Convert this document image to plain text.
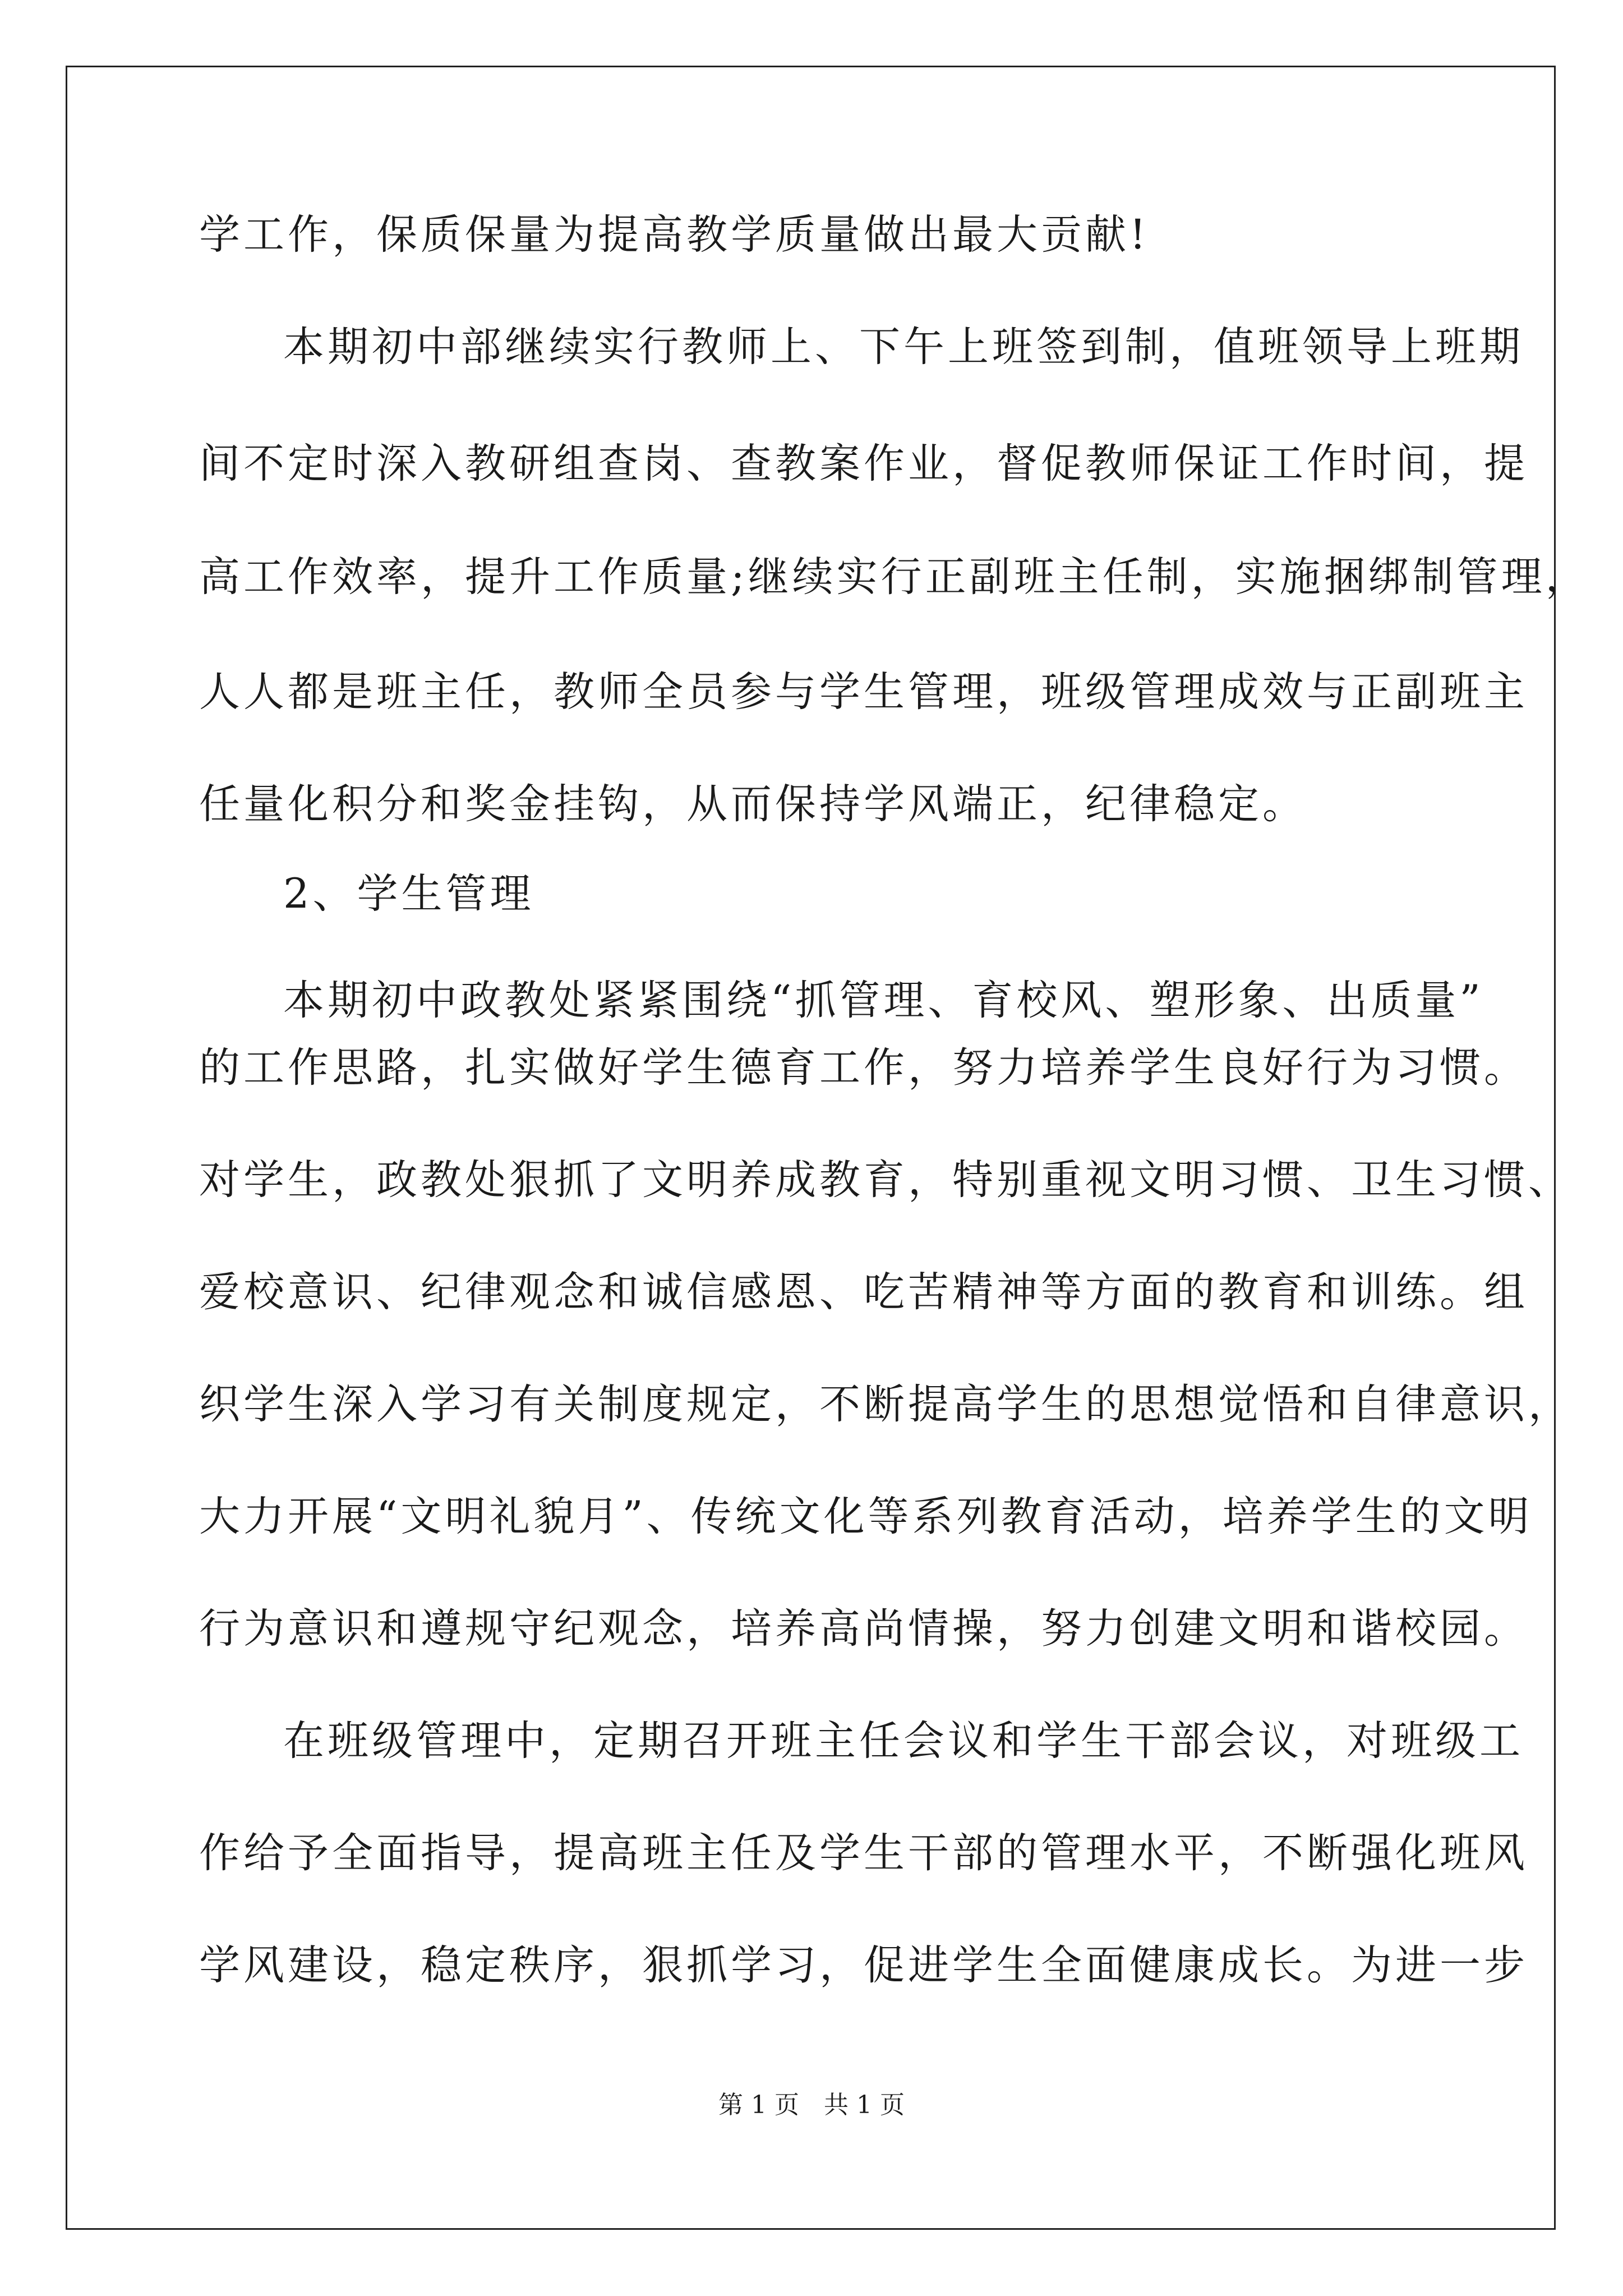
学工作，保质保量为提高教学质量做出最大贡献!
本期初中部继续实行教师上、下午上班签到制，值班领导上班期
间不定时深入教研组查岗、查教案作业，督促教师保证工作时间，提
高工作效率，提升工作质量;继续实行正副班主任制，实施捆绑制管理，
人人都是班主任，教师全员参与学生管理，班级管理成效与正副班主
任量化积分和奖金挂钩，从而保持学风端正，纪律稳定。
2、学生管理
本期初中政教处紧紧围绕“抓管理、育校风、塑形象、出质量”
的工作思路，扎实做好学生德育工作，努力培养学生良好行为习惯。
对学生，政教处狠抓了文明养成教育，特别重视文明习惯、卫生习惯、
爱校意识、纪律观念和诚信感恩、吃苦精神等方面的教育和训练。组
织学生深入学习有关制度规定，不断提高学生的思想觉悟和自律意识，
大力开展“文明礼貌月”、传统文化等系列教育活动，培养学生的文明
行为意识和遵规守纪观念，培养高尚情操，努力创建文明和谐校园。
在班级管理中，定期召开班主任会议和学生干部会议，对班级工
作给予全面指导，提高班主任及学生干部的管理水平，不断强化班风
学风建设，稳定秩序，狠抓学习，促进学生全面健康成长。为进一步
第 1 页　共 1 页
